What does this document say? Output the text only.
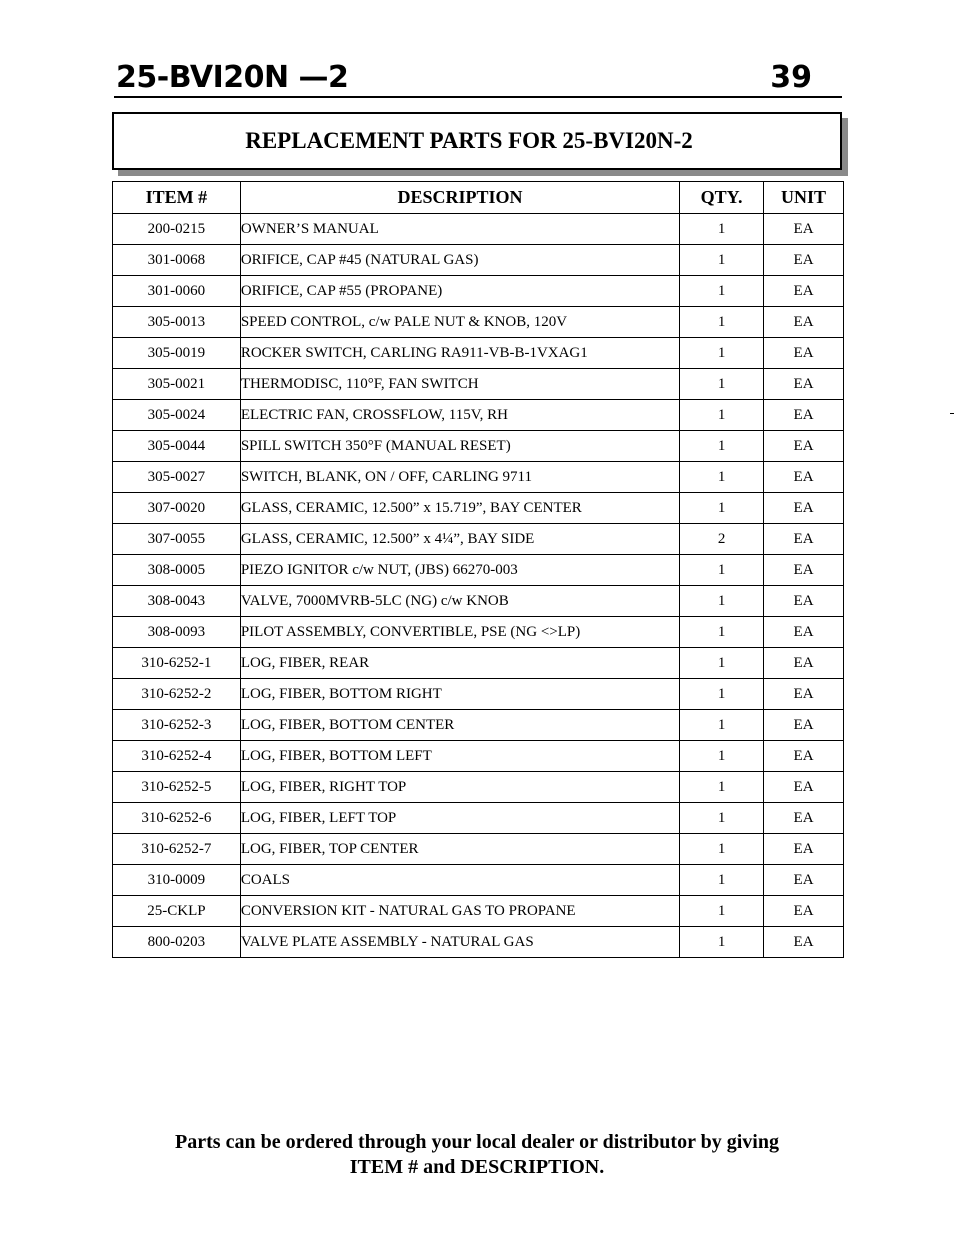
25-BVI20N —2	39
REPLACEMENT PARTS FOR 25-BVI20N-2
ITEM #	DESCRIPTION	QTY.	UNIT
200-0215	OWNER’S MANUAL	1	EA
301-0068	ORIFICE, CAP #45 (NATURAL GAS)	1	EA
301-0060	ORIFICE, CAP #55 (PROPANE)	1	EA
305-0013	SPEED CONTROL, c/w PALE NUT & KNOB, 120V	1	EA
305-0019	ROCKER SWITCH, CARLING RA911-VB-B-1VXAG1	1	EA
305-0021	THERMODISC, 110°F, FAN SWITCH	1	EA
305-0024	ELECTRIC FAN, CROSSFLOW, 115V, RH	1	EA
305-0044	SPILL SWITCH 350°F (MANUAL RESET)	1	EA
305-0027	SWITCH, BLANK, ON / OFF, CARLING 9711	1	EA
307-0020	GLASS, CERAMIC, 12.500” x 15.719”, BAY CENTER	1	EA
307-0055	GLASS, CERAMIC, 12.500” x 4¼”, BAY SIDE	2	EA
308-0005	PIEZO IGNITOR c/w NUT, (JBS) 66270-003	1	EA
308-0043	VALVE, 7000MVRB-5LC (NG) c/w KNOB	1	EA
308-0093	PILOT ASSEMBLY, CONVERTIBLE, PSE (NG <>LP)	1	EA
310-6252-1	LOG, FIBER, REAR	1	EA
310-6252-2	LOG, FIBER, BOTTOM RIGHT	1	EA
310-6252-3	LOG, FIBER, BOTTOM CENTER	1	EA
310-6252-4	LOG, FIBER, BOTTOM LEFT	1	EA
310-6252-5	LOG, FIBER, RIGHT TOP	1	EA
310-6252-6	LOG, FIBER, LEFT TOP	1	EA
310-6252-7	LOG, FIBER, TOP CENTER	1	EA
310-0009	COALS	1	EA
25-CKLP	CONVERSION KIT - NATURAL GAS TO PROPANE	1	EA
800-0203	VALVE PLATE ASSEMBLY - NATURAL GAS	1	EA
Parts can be ordered through your local dealer or distributor by giving
ITEM # and DESCRIPTION.
